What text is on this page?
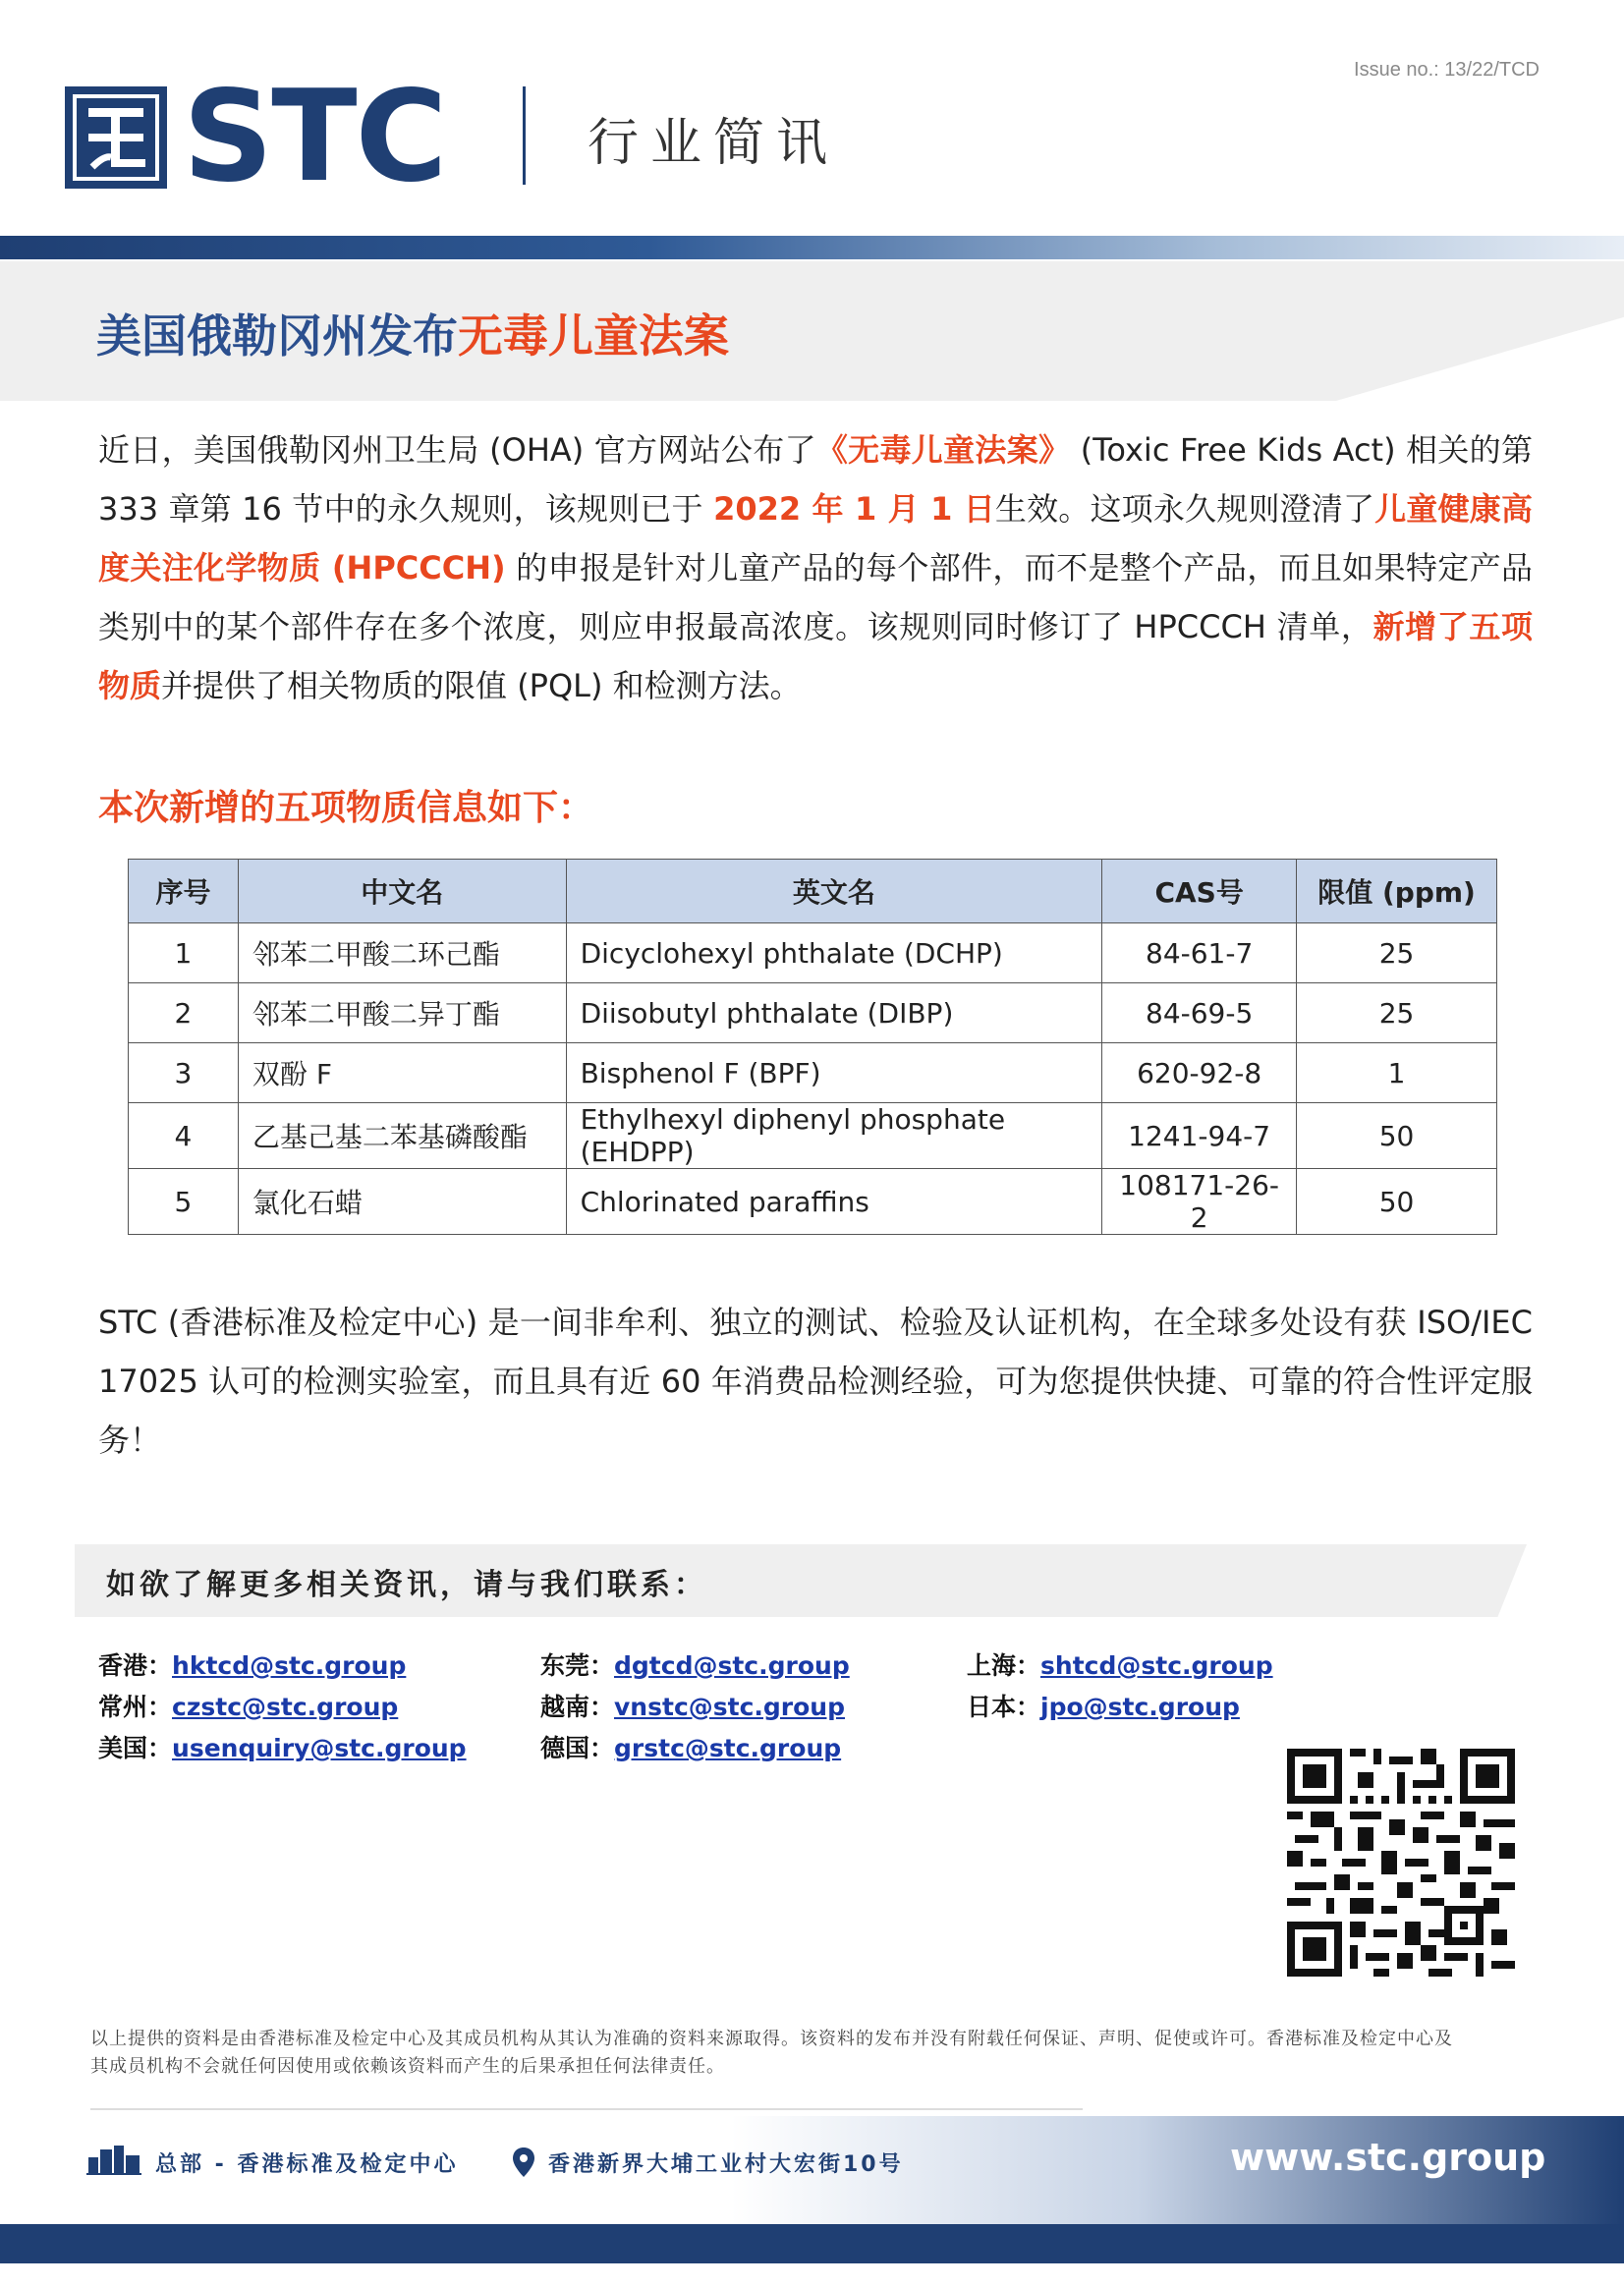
Issue no.: 13/22/TCD
STC	行业简讯
美国俄勒冈州发布无毒儿童法案
近日，美国俄勒冈州卫生局 (OHA) 官方网站公布了《无毒儿童法案》 (Toxic Free Kids Act) 相关的第 333 章第 16 节中的永久规则，该规则已于 2022 年 1 月 1 日生效。这项永久规则澄清了儿童健康高度关注化学物质 (HPCCCH) 的申报是针对儿童产品的每个部件，而不是整个产品，而且如果特定产品类别中的某个部件存在多个浓度，则应申报最高浓度。该规则同时修订了 HPCCCH 清单，新增了五项物质并提供了相关物质的限值 (PQL) 和检测方法。
本次新增的五项物质信息如下：
序号	中文名	英文名	CAS号	限值 (ppm)
1	邻苯二甲酸二环己酯	Dicyclohexyl phthalate (DCHP)	84-61-7	25
2	邻苯二甲酸二异丁酯	Diisobutyl phthalate (DIBP)	84-69-5	25
3	双酚 F	Bisphenol F (BPF)	620-92-8	1
4	乙基己基二苯基磷酸酯	Ethylhexyl diphenyl phosphate (EHDPP)	1241-94-7	50
5	氯化石蜡	Chlorinated paraffins	108171-26-2	50
STC (香港标准及检定中心) 是一间非牟利、独立的测试、检验及认证机构，在全球多处设有获 ISO/IEC 17025 认可的检测实验室，而且具有近 60 年消费品检测经验，可为您提供快捷、可靠的符合性评定服务！
如欲了解更多相关资讯，请与我们联系：
香港：hktcd@stc.group	东莞：dgtcd@stc.group	上海：shtcd@stc.group
常州：czstc@stc.group	越南：vnstc@stc.group	日本：jpo@stc.group
美国：usenquiry@stc.group	德国：grstc@stc.group
以上提供的资料是由香港标准及检定中心及其成员机构从其认为准确的资料来源取得。该资料的发布并没有附载任何保证、声明、促使或许可。香港标准及检定中心及其成员机构不会就任何因使用或依赖该资料而产生的后果承担任何法律责任。
总部 - 香港标准及检定中心	香港新界大埔工业村大宏街10号	www.stc.group
